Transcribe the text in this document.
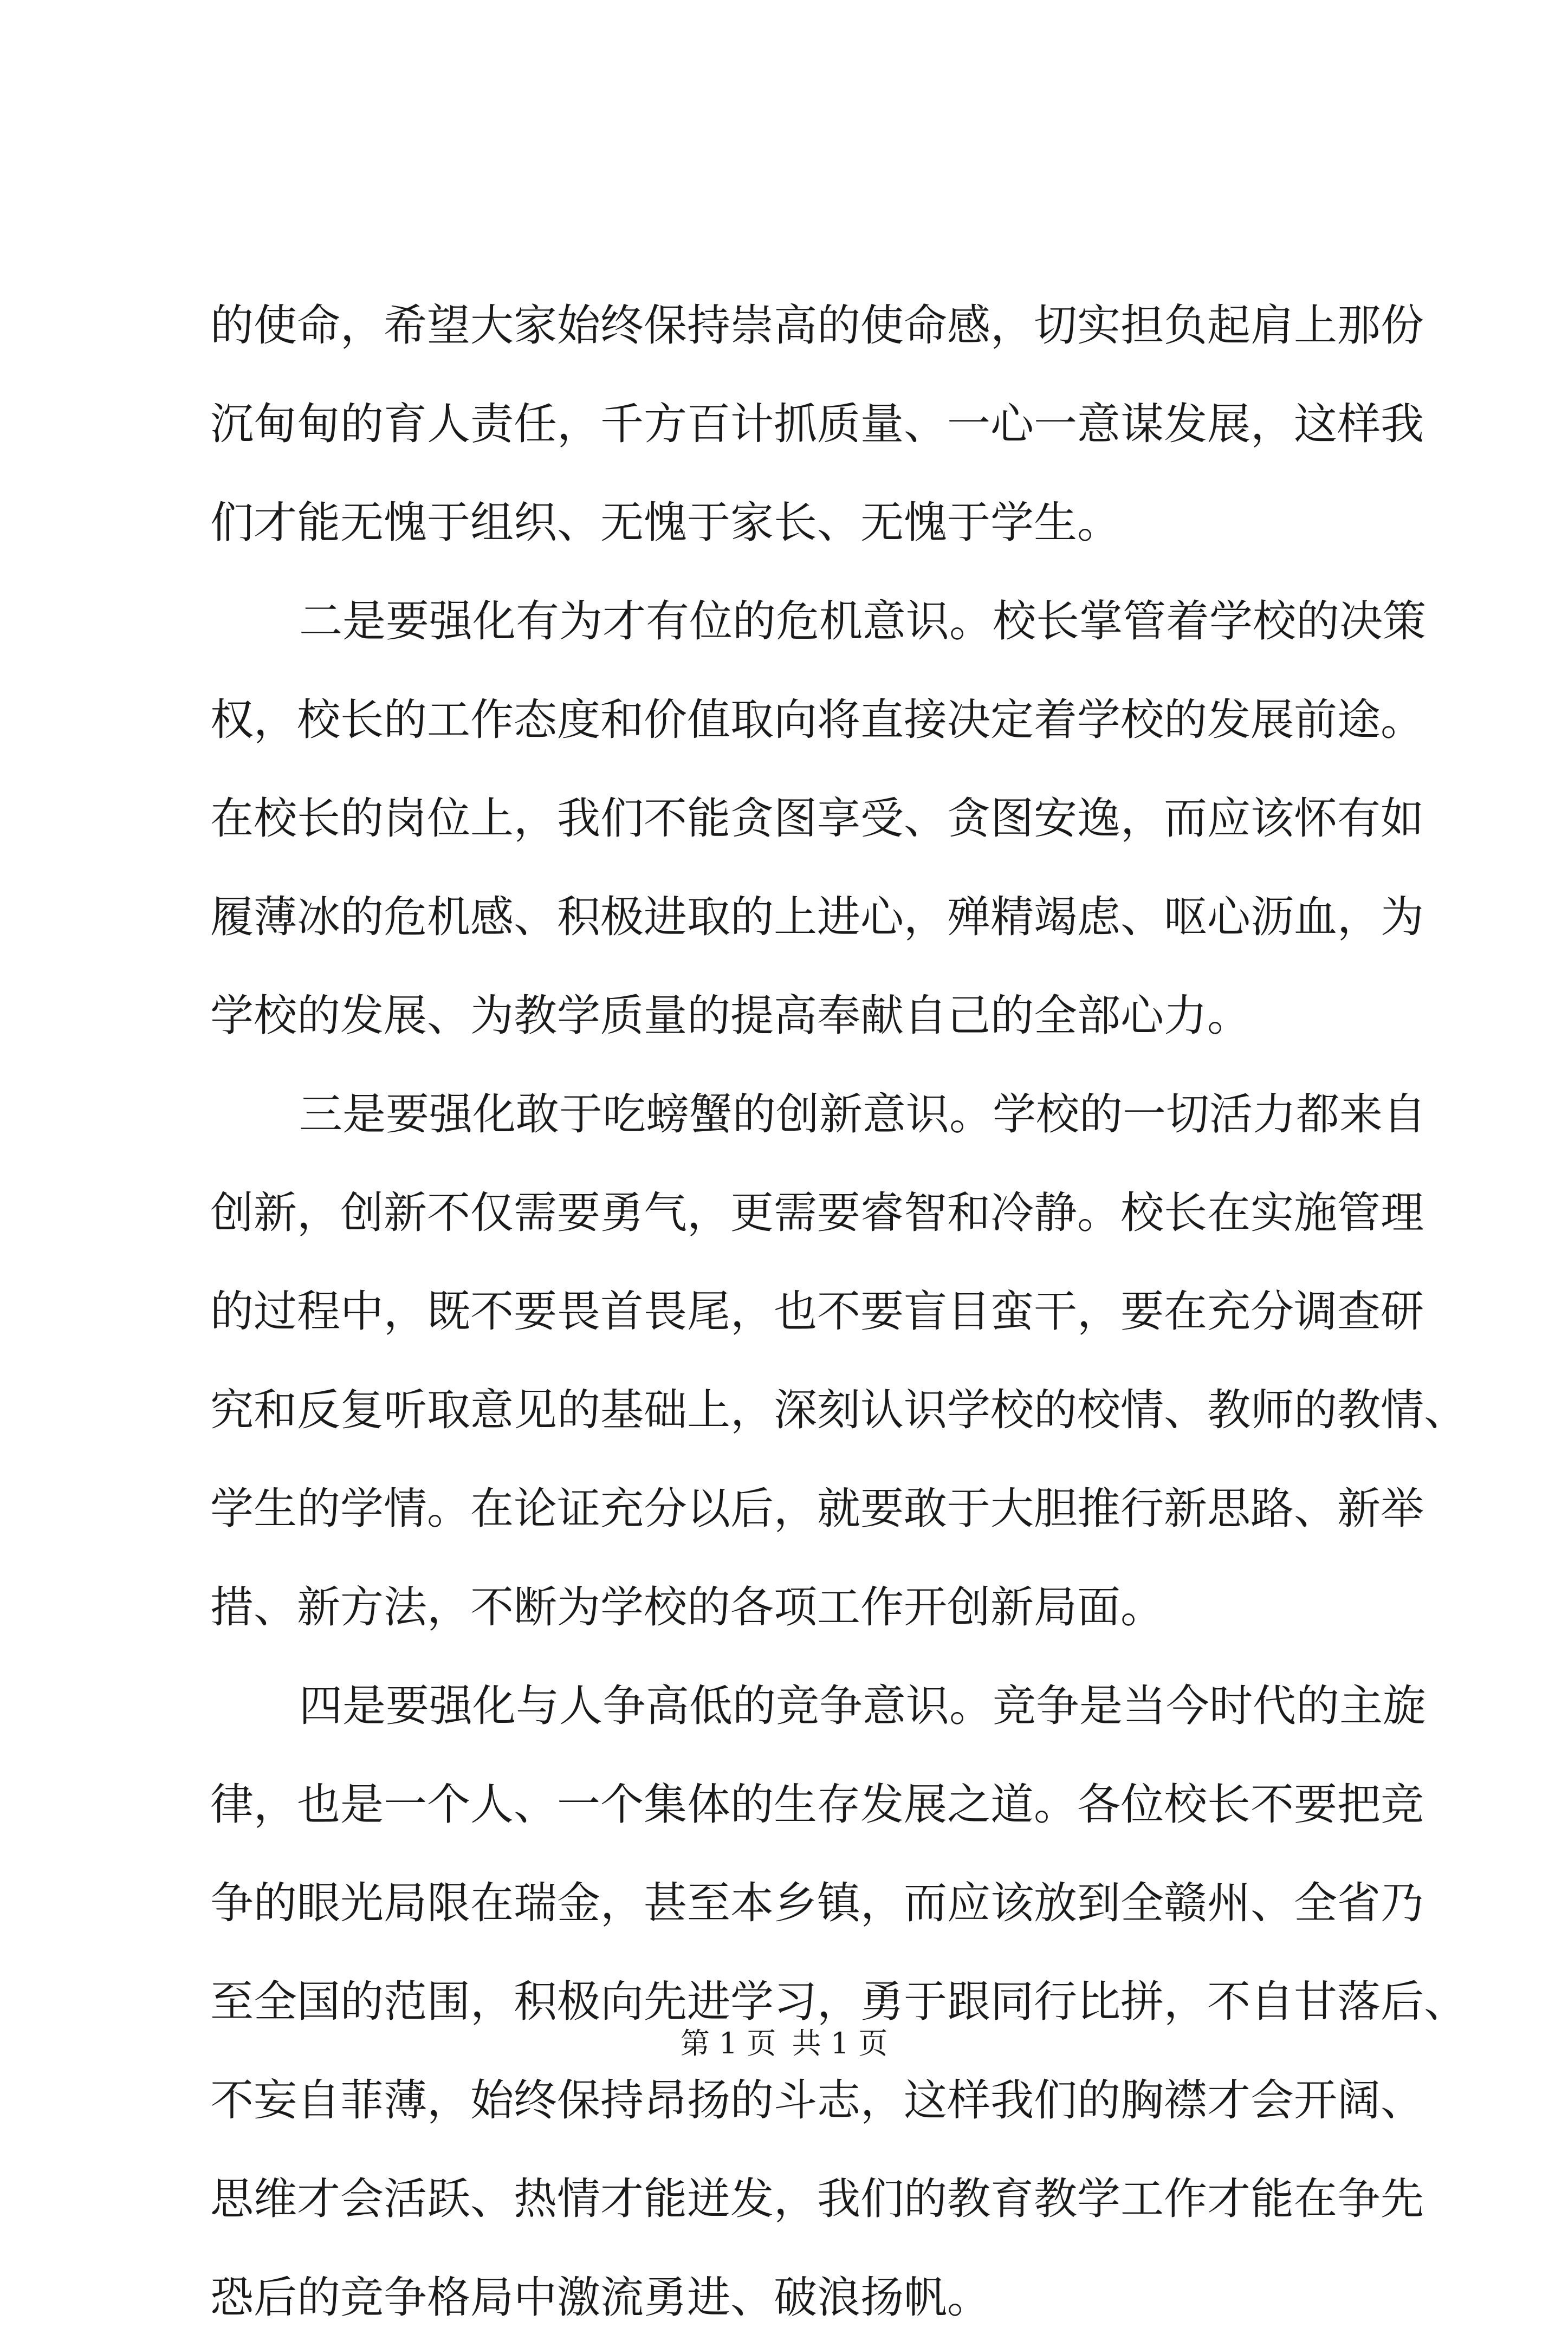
的使命，希望大家始终保持崇高的使命感，切实担负起肩上那份
沉甸甸的育人责任，千方百计抓质量、一心一意谋发展，这样我
们才能无愧于组织、无愧于家长、无愧于学生。
二是要强化有为才有位的危机意识。校长掌管着学校的决策
权，校长的工作态度和价值取向将直接决定着学校的发展前途。
在校长的岗位上，我们不能贪图享受、贪图安逸，而应该怀有如
履薄冰的危机感、积极进取的上进心，殚精竭虑、呕心沥血，为
学校的发展、为教学质量的提高奉献自己的全部心力。
三是要强化敢于吃螃蟹的创新意识。学校的一切活力都来自
创新，创新不仅需要勇气，更需要睿智和冷静。校长在实施管理
的过程中，既不要畏首畏尾，也不要盲目蛮干，要在充分调查研
究和反复听取意见的基础上，深刻认识学校的校情、教师的教情、
学生的学情。在论证充分以后，就要敢于大胆推行新思路、新举
措、新方法，不断为学校的各项工作开创新局面。
四是要强化与人争高低的竞争意识。竞争是当今时代的主旋
律，也是一个人、一个集体的生存发展之道。各位校长不要把竞
争的眼光局限在瑞金，甚至本乡镇，而应该放到全赣州、全省乃
至全国的范围，积极向先进学习，勇于跟同行比拼，不自甘落后、
不妄自菲薄，始终保持昂扬的斗志，这样我们的胸襟才会开阔、
思维才会活跃、热情才能迸发，我们的教育教学工作才能在争先
恐后的竞争格局中激流勇进、破浪扬帆。
第 1 页 共 1 页
